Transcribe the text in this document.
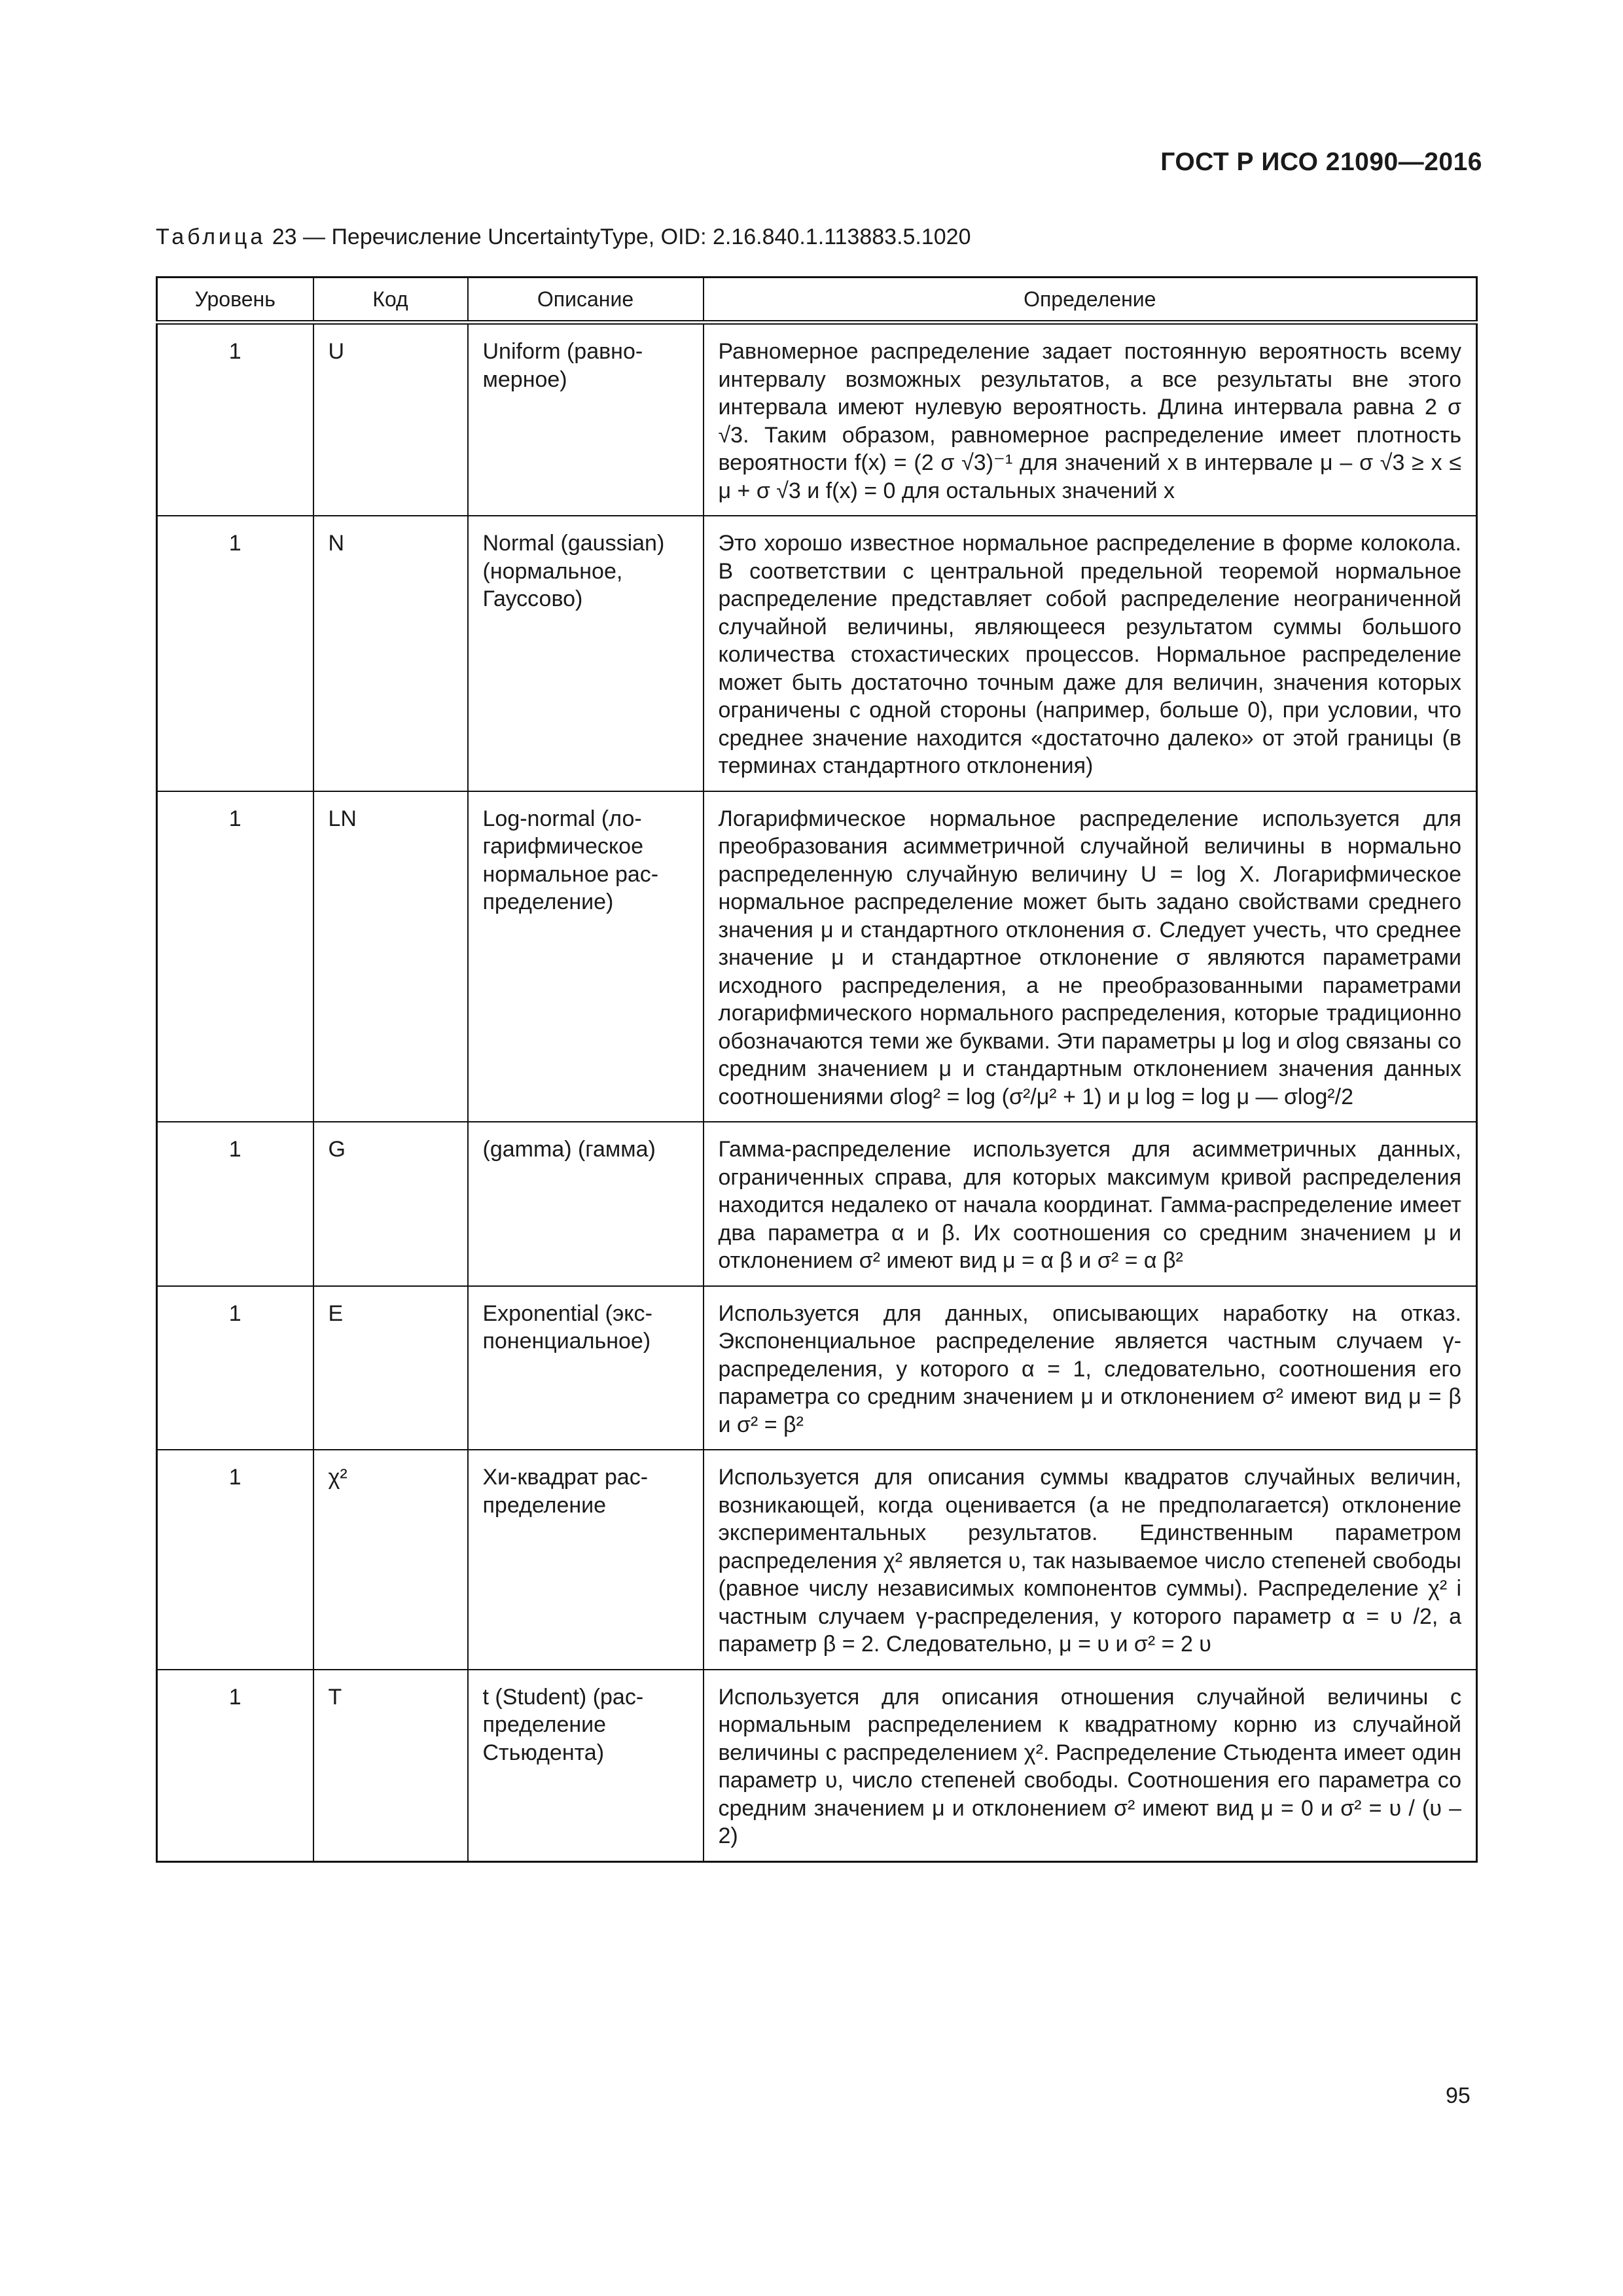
ГОСТ Р ИСО 21090—2016
Таблица 23 — Перечисление UncertaintyType, OID: 2.16.840.1.113883.5.1020
Уровень	Код	Описание	Определение
1	U	Uniform (равномерное)	Равномерное распределение задает постоянную вероятность всему интервалу возможных результатов, а все результаты вне этого интервала имеют нулевую вероятность. Длина интервала равна 2 σ √3. Таким образом, равномерное распределение имеет плотность вероятности f(x) = (2 σ √3)⁻¹ для значений x в интервале μ – σ √3 ≥ x ≤ μ + σ √3 и f(x) = 0 для остальных значений x
1	N	Normal (gaussian) (нормальное, Гауссово)	Это хорошо известное нормальное распределение в форме колокола. В соответствии с центральной предельной теоремой нормальное распределение представляет собой распределение неограниченной случайной величины, являющееся результатом суммы большого количества стохастических процессов. Нормальное распределение может быть достаточно точным даже для величин, значения которых ограничены с одной стороны (например, больше 0), при условии, что среднее значение находится «достаточно далеко» от этой границы (в терминах стандартного отклонения)
1	LN	Log-normal (логарифмическое нормальное распределение)	Логарифмическое нормальное распределение используется для преобразования асимметричной случайной величины в нормально распределенную случайную величину U = log X. Логарифмическое нормальное распределение может быть задано свойствами среднего значения μ и стандартного отклонения σ. Следует учесть, что среднее значение μ и стандартное отклонение σ являются параметрами исходного распределения, а не преобразованными параметрами логарифмического нормального распределения, которые традиционно обозначаются теми же буквами. Эти параметры μ log и σlog связаны со средним значением μ и стандартным отклонением значения данных соотношениями σlog² = log (σ²/μ² + 1) и μ log = log μ — σlog²/2
1	G	(gamma) (гамма)	Гамма-распределение используется для асимметричных данных, ограниченных справа, для которых максимум кривой распределения находится недалеко от начала координат. Гамма-распределение имеет два параметра α и β. Их соотношения со средним значением μ и отклонением σ² имеют вид μ = α β и σ² = α β²
1	E	Exponential (экспоненциальное)	Используется для данных, описывающих наработку на отказ. Экспоненциальное распределение является частным случаем γ-распределения, у которого α = 1, следовательно, соотношения его параметра со средним значением μ и отклонением σ² имеют вид μ = β и σ² = β²
1	χ²	Хи-квадрат распределение	Используется для описания суммы квадратов случайных величин, возникающей, когда оценивается (а не предполагается) отклонение экспериментальных результатов. Единственным параметром распределения χ² является υ, так называемое число степеней свободы (равное числу независимых компонентов суммы). Распределение χ² i частным случаем γ-распределения, у которого параметр α = υ /2, а параметр β = 2. Следовательно, μ = υ и σ² = 2 υ
1	T	t (Student) (распределение Стьюдента)	Используется для описания отношения случайной величины с нормальным распределением к квадратному корню из случайной величины с распределением χ². Распределение Стьюдента имеет один параметр υ, число степеней свободы. Соотношения его параметра со средним значением μ и отклонением σ² имеют вид μ = 0 и σ² = υ / (υ – 2)
95
